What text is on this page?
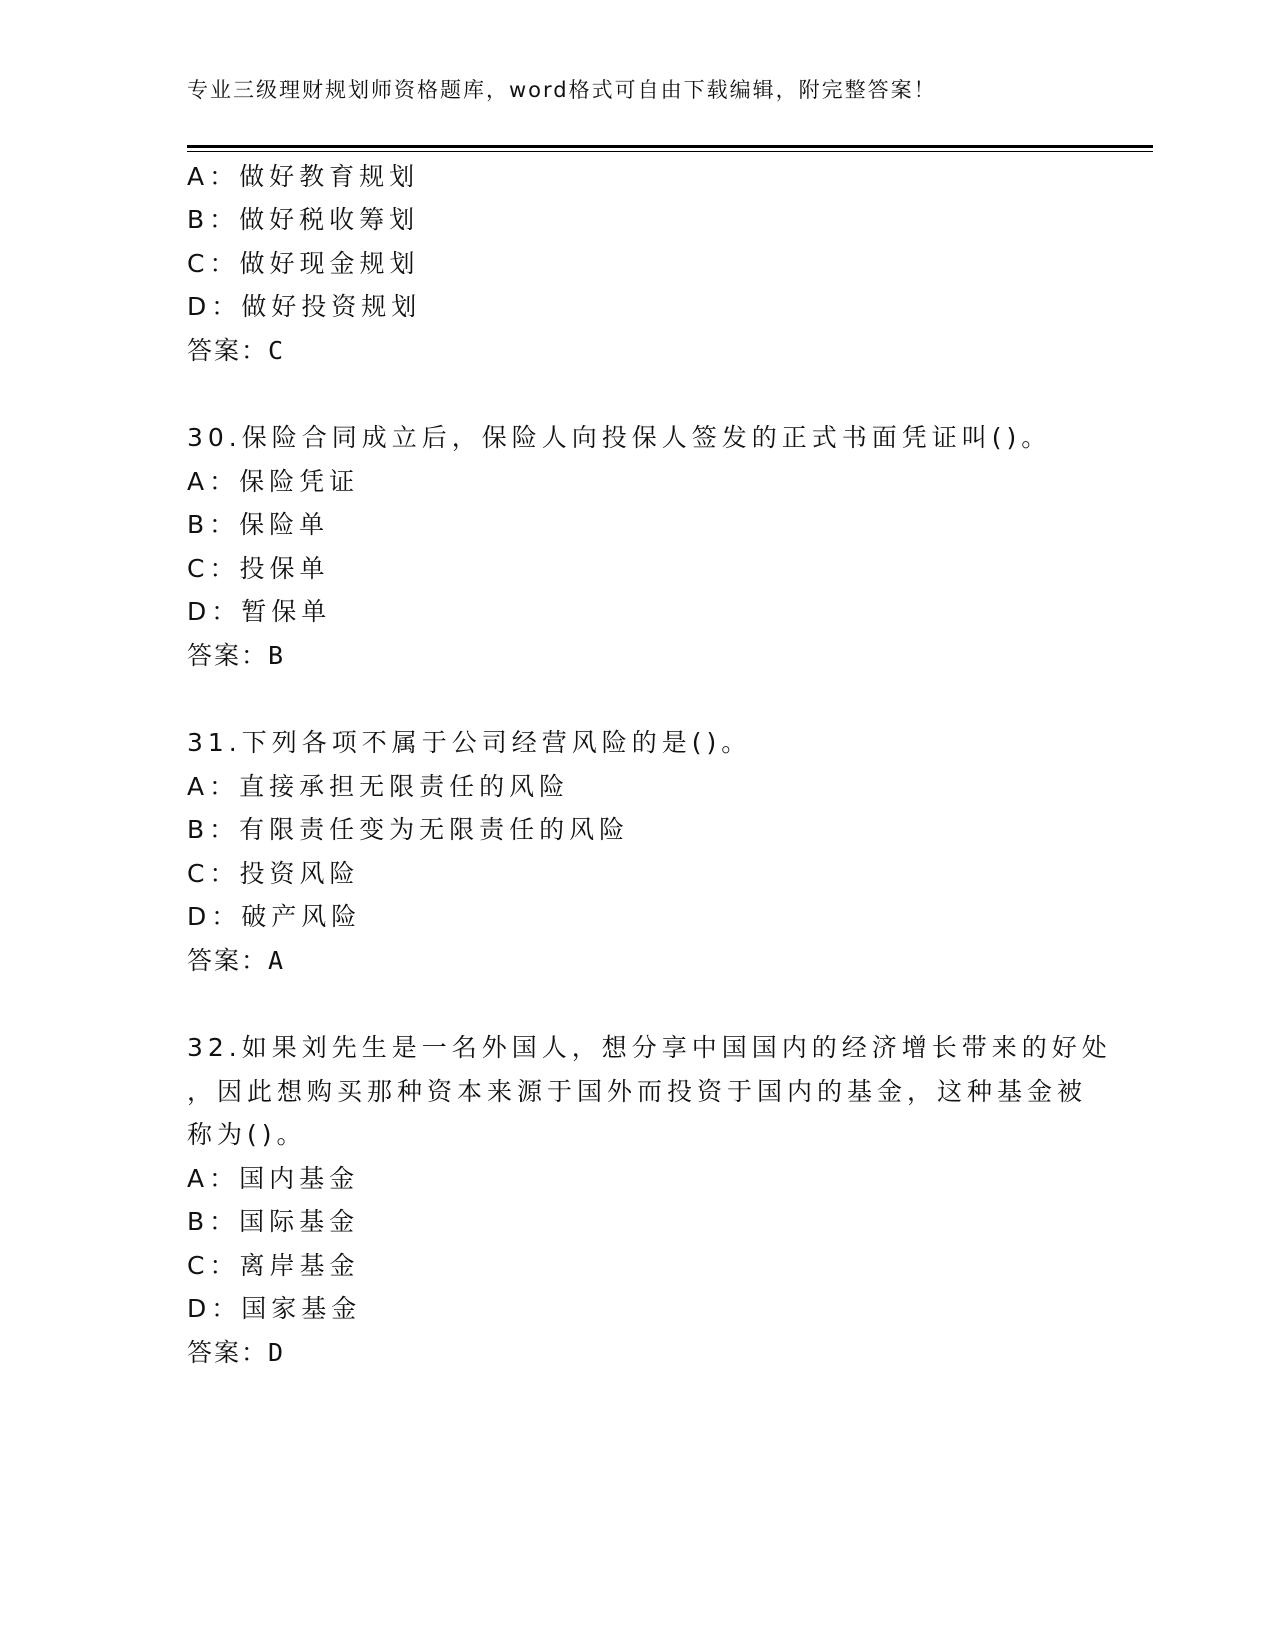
专业三级理财规划师资格题库，word格式可自由下载编辑，附完整答案！
A：做好教育规划
B：做好税收筹划
C：做好现金规划
D：做好投资规划
答案：C
30.保险合同成立后，保险人向投保人签发的正式书面凭证叫()。
A：保险凭证
B：保险单
C：投保单
D：暂保单
答案：B
31.下列各项不属于公司经营风险的是()。
A：直接承担无限责任的风险
B：有限责任变为无限责任的风险
C：投资风险
D：破产风险
答案：A
32.如果刘先生是一名外国人，想分享中国国内的经济增长带来的好处
，因此想购买那种资本来源于国外而投资于国内的基金，这种基金被
称为()。
A：国内基金
B：国际基金
C：离岸基金
D：国家基金
答案：D
